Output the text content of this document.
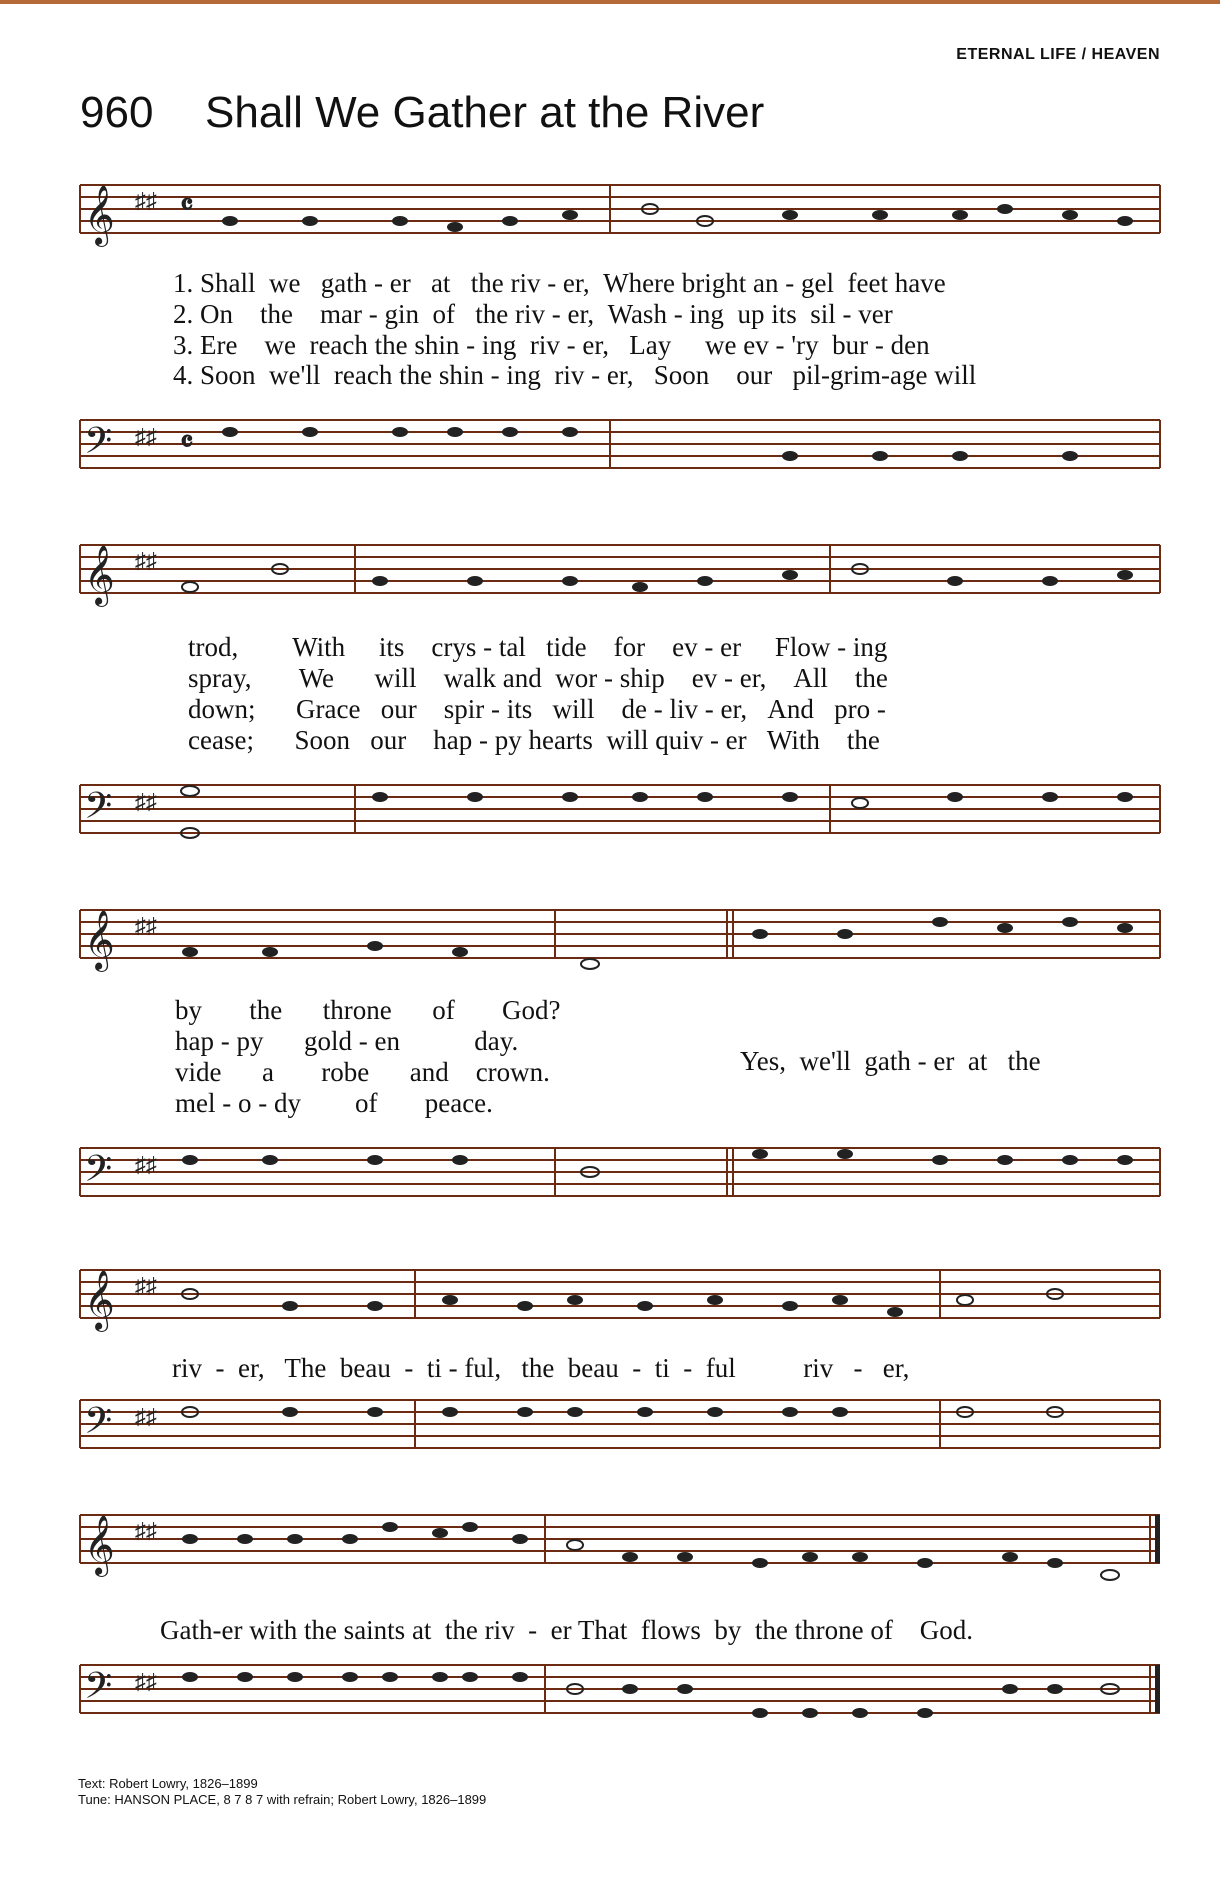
ETERNAL LIFE / HEAVEN
960 Shall We Gather at the River
𝄞 ♯♯ 𝄴
1. Shall we gath - er at the riv - er, Where bright an - gel feet have
2. On the mar - gin of the riv - er, Wash - ing up its sil - ver
3. Ere we reach the shin - ing riv - er, Lay we ev - 'ry bur - den
4. Soon we'll reach the shin - ing riv - er, Soon our pil-grim-age will
𝄢 ♯♯ 𝄴
𝄞 ♯♯
trod, With its crys - tal tide for ev - er Flow - ing
spray, We will walk and wor - ship ev - er, All the
down; Grace our spir - its will de - liv - er, And pro -
cease; Soon our hap - py hearts will quiv - er With the
𝄢 ♯♯
𝄞 ♯♯
by the throne of God?
hap - py gold - en	day.
Yes,  we'll  gath - er  at   the
vide a robe and crown.
mel - o - dy of peace.
𝄢 ♯♯
𝄞 ♯♯
riv  -  er,   The  beau  -  ti - ful,   the  beau  -  ti  -  ful          riv   -   er,
𝄢 ♯♯
𝄞 ♯♯
Gath-er with the saints at  the riv  -  er That  flows  by  the throne of    God.
𝄢 ♯♯
Text: Robert Lowry, 1826–1899
Tune: HANSON PLACE, 8 7 8 7 with refrain; Robert Lowry, 1826–1899
